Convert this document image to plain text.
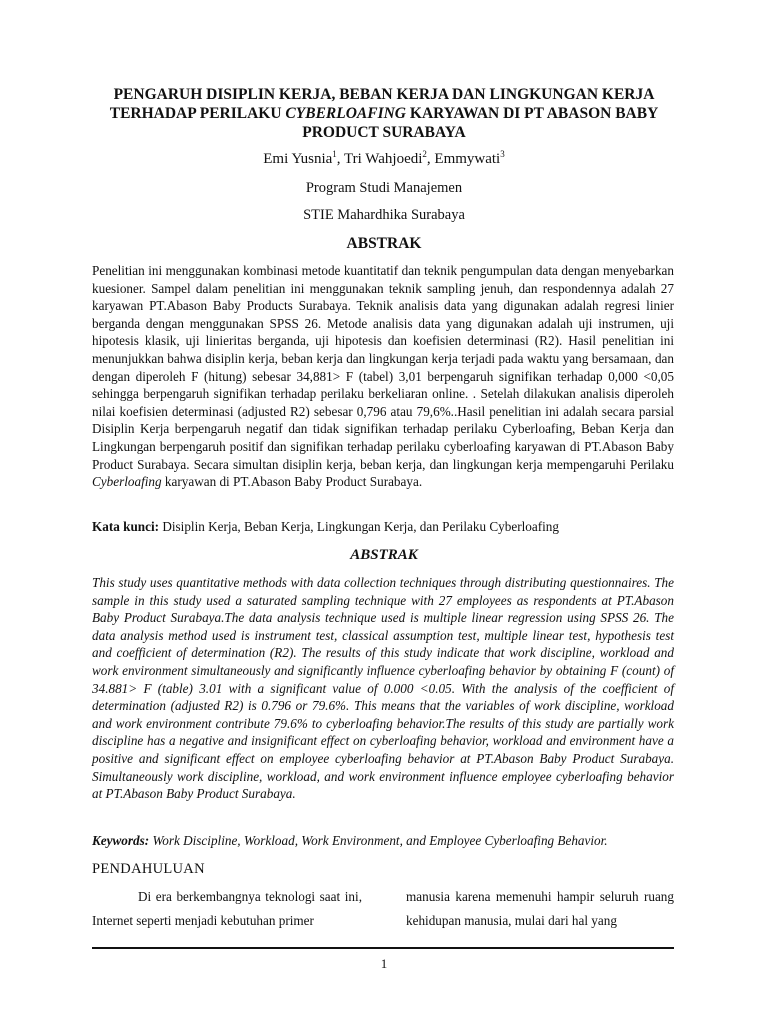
PENGARUH DISIPLIN KERJA, BEBAN KERJA DAN LINGKUNGAN KERJA
TERHADAP PERILAKU CYBERLOAFING KARYAWAN DI PT ABASON BABY
PRODUCT SURABAYA
Emi Yusnia$^1$, Tri Wahjoedi$^2$, Emmywati$^3$
Program Studi Manajemen
STIE Mahardhika Surabaya
ABSTRAK
Penelitian ini menggunakan kombinasi metode kuantitatif dan teknik pengumpulan data dengan menyebarkan kuesioner. Sampel dalam penelitian ini menggunakan teknik sampling jenuh, dan respondennya adalah 27 karyawan PT.Abason Baby Products Surabaya. Teknik analisis data yang digunakan adalah regresi linier berganda dengan menggunakan SPSS 26. Metode analisis data yang digunakan adalah uji instrumen, uji hipotesis klasik, uji linieritas berganda, uji hipotesis dan koefisien determinasi (R2). Hasil penelitian ini menunjukkan bahwa disiplin kerja, beban kerja dan lingkungan kerja terjadi pada waktu yang bersamaan, dan dengan diperoleh F (hitung) sebesar 34,881> F (tabel) 3,01 berpengaruh signifikan terhadap 0,000 <0,05 sehingga berpengaruh signifikan terhadap perilaku berkeliaran online. . Setelah dilakukan analisis diperoleh nilai koefisien determinasi (adjusted R2) sebesar 0,796 atau 79,6%..Hasil penelitian ini adalah secara parsial Disiplin Kerja berpengaruh negatif dan tidak signifikan terhadap perilaku Cyberloafing, Beban Kerja dan Lingkungan berpengaruh positif dan signifikan terhadap perilaku cyberloafing karyawan di PT.Abason Baby Product Surabaya. Secara simultan disiplin kerja, beban kerja, dan lingkungan kerja mempengaruhi Perilaku Cyberloafing karyawan di PT.Abason Baby Product Surabaya.
Kata kunci: Disiplin Kerja, Beban Kerja, Lingkungan Kerja, dan Perilaku Cyberloafing
ABSTRAK
This study uses quantitative methods with data collection techniques through distributing questionnaires. The sample in this study used a saturated sampling technique with 27 employees as respondents at PT.Abason Baby Product Surabaya.The data analysis technique used is multiple linear regression using SPSS 26. The data analysis method used is instrument test, classical assumption test, multiple linear test, hypothesis test and coefficient of determination (R2). The results of this study indicate that work discipline, workload and work environment simultaneously and significantly influence cyberloafing behavior by obtaining F (count) of 34.881> F (table) 3.01 with a significant value of 0.000 <0.05. With the analysis of the coefficient of determination (adjusted R2) is 0.796 or 79.6%. This means that the variables of work discipline, workload and work environment contribute 79.6% to cyberloafing behavior.The results of this study are partially work discipline has a negative and insignificant effect on cyberloafing behavior, workload and environment have a positive and significant effect on employee cyberloafing behavior at PT.Abason Baby Product Surabaya. Simultaneously work discipline, workload, and work environment influence employee cyberloafing behavior at PT.Abason Baby Product Surabaya.
Keywords: Work Discipline, Workload, Work Environment, and Employee Cyberloafing Behavior.
PENDAHULUAN
Di era berkembangnya teknologi saat ini, Internet seperti menjadi kebutuhan primer
manusia karena memenuhi hampir seluruh ruang kehidupan manusia, mulai dari hal yang
1
